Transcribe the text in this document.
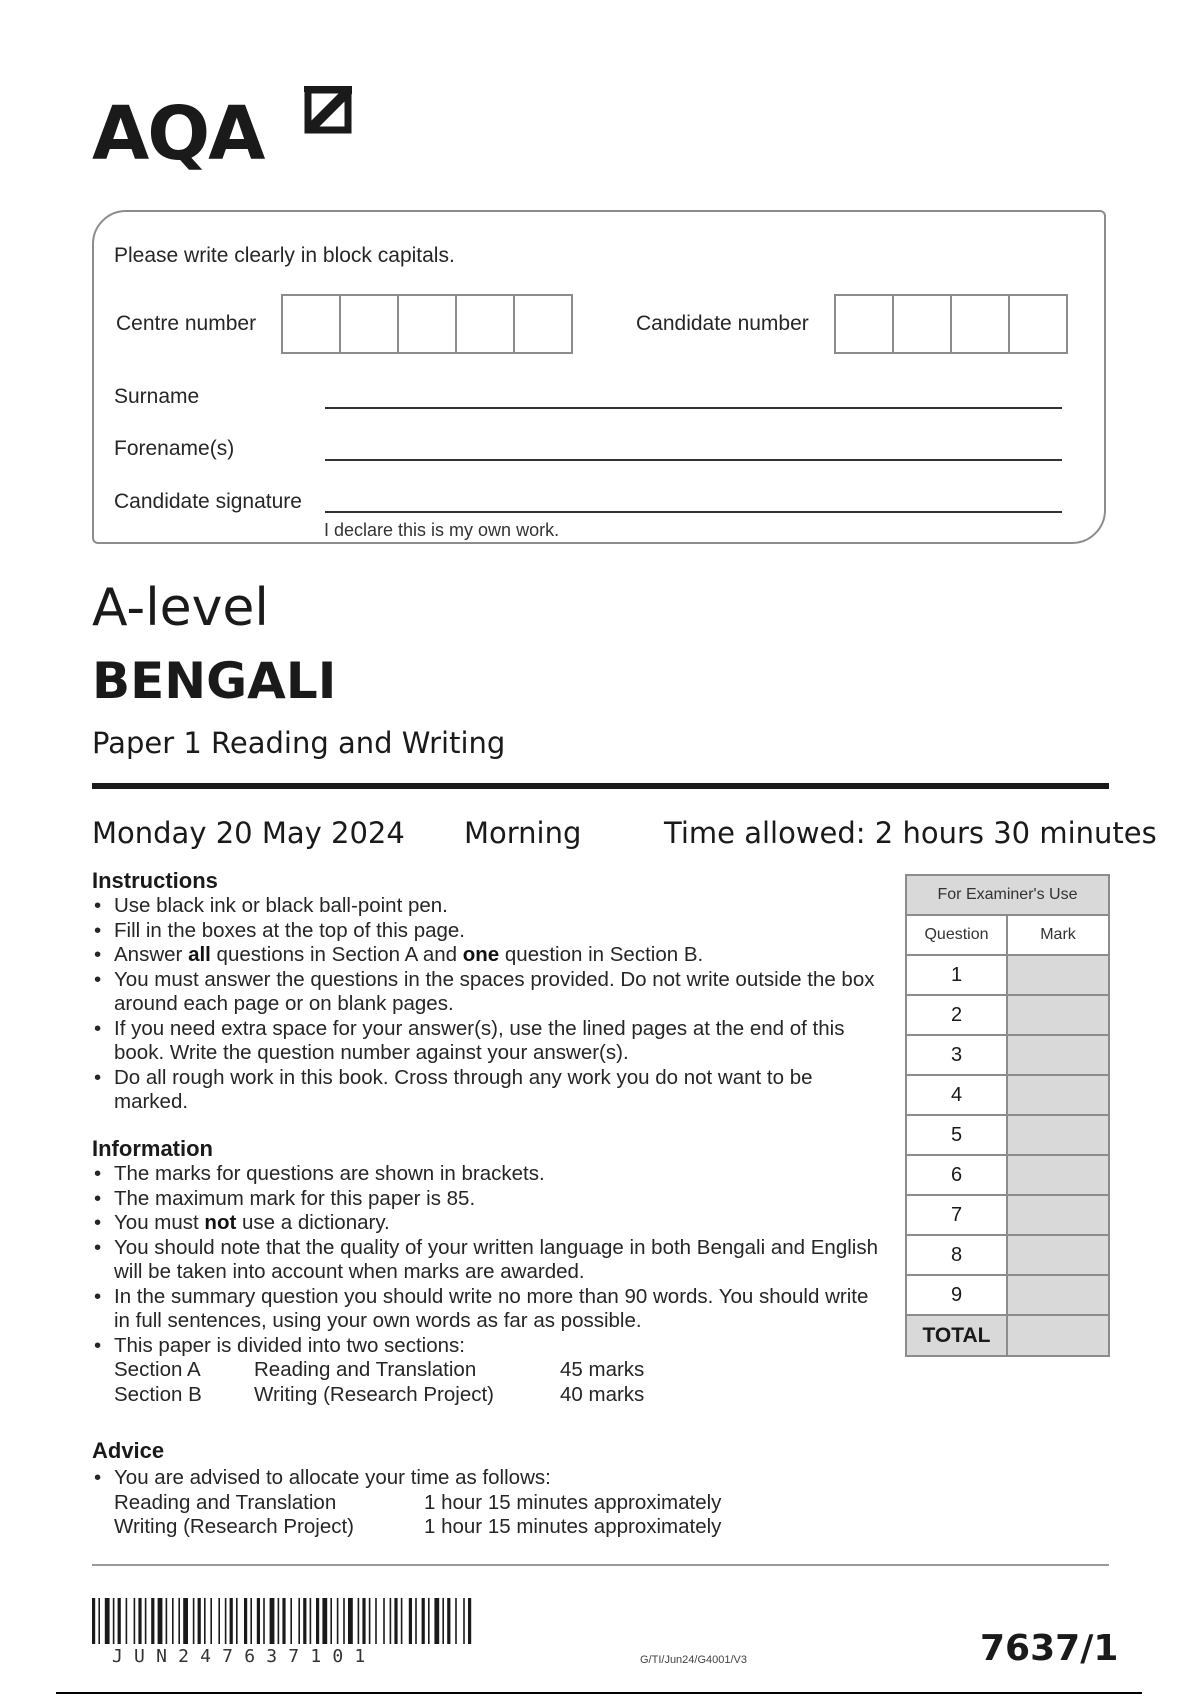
AQA
Please write clearly in block capitals.
Centre number	Candidate number
Surname
Forename(s)
Candidate signature
I declare this is my own work.
A-level
BENGALI
Paper 1 Reading and Writing
Monday 20 May 2024 Morning	Time allowed: 2 hours 30 minutes
Instructions
• Use black ink or black ball-point pen.
• Fill in the boxes at the top of this page.
• Answer all questions in Section A and one question in Section B.
• You must answer the questions in the spaces provided. Do not write outside the box around each page or on blank pages.
• If you need extra space for your answer(s), use the lined pages at the end of this book. Write the question number against your answer(s).
• Do all rough work in this book. Cross through any work you do not want to be marked.
Information
• The marks for questions are shown in brackets.
• The maximum mark for this paper is 85.
• You must not use a dictionary.
• You should note that the quality of your written language in both Bengali and English will be taken into account when marks are awarded.
• In the summary question you should write no more than 90 words. You should write in full sentences, using your own words as far as possible.
• This paper is divided into two sections:
Section A	Reading and Translation	45 marks
Section B	Writing (Research Project)	40 marks
Advice
• You are advised to allocate your time as follows:
Reading and Translation	1 hour 15 minutes approximately
Writing (Research Project)	1 hour 15 minutes approximately
For Examiner's Use	
Question	Mark
1	
2	
3	
4	
5	
6	
7	
8	
9	
TOTAL	
JUN247637101	G/TI/Jun24/G4001/V3	7637/1
